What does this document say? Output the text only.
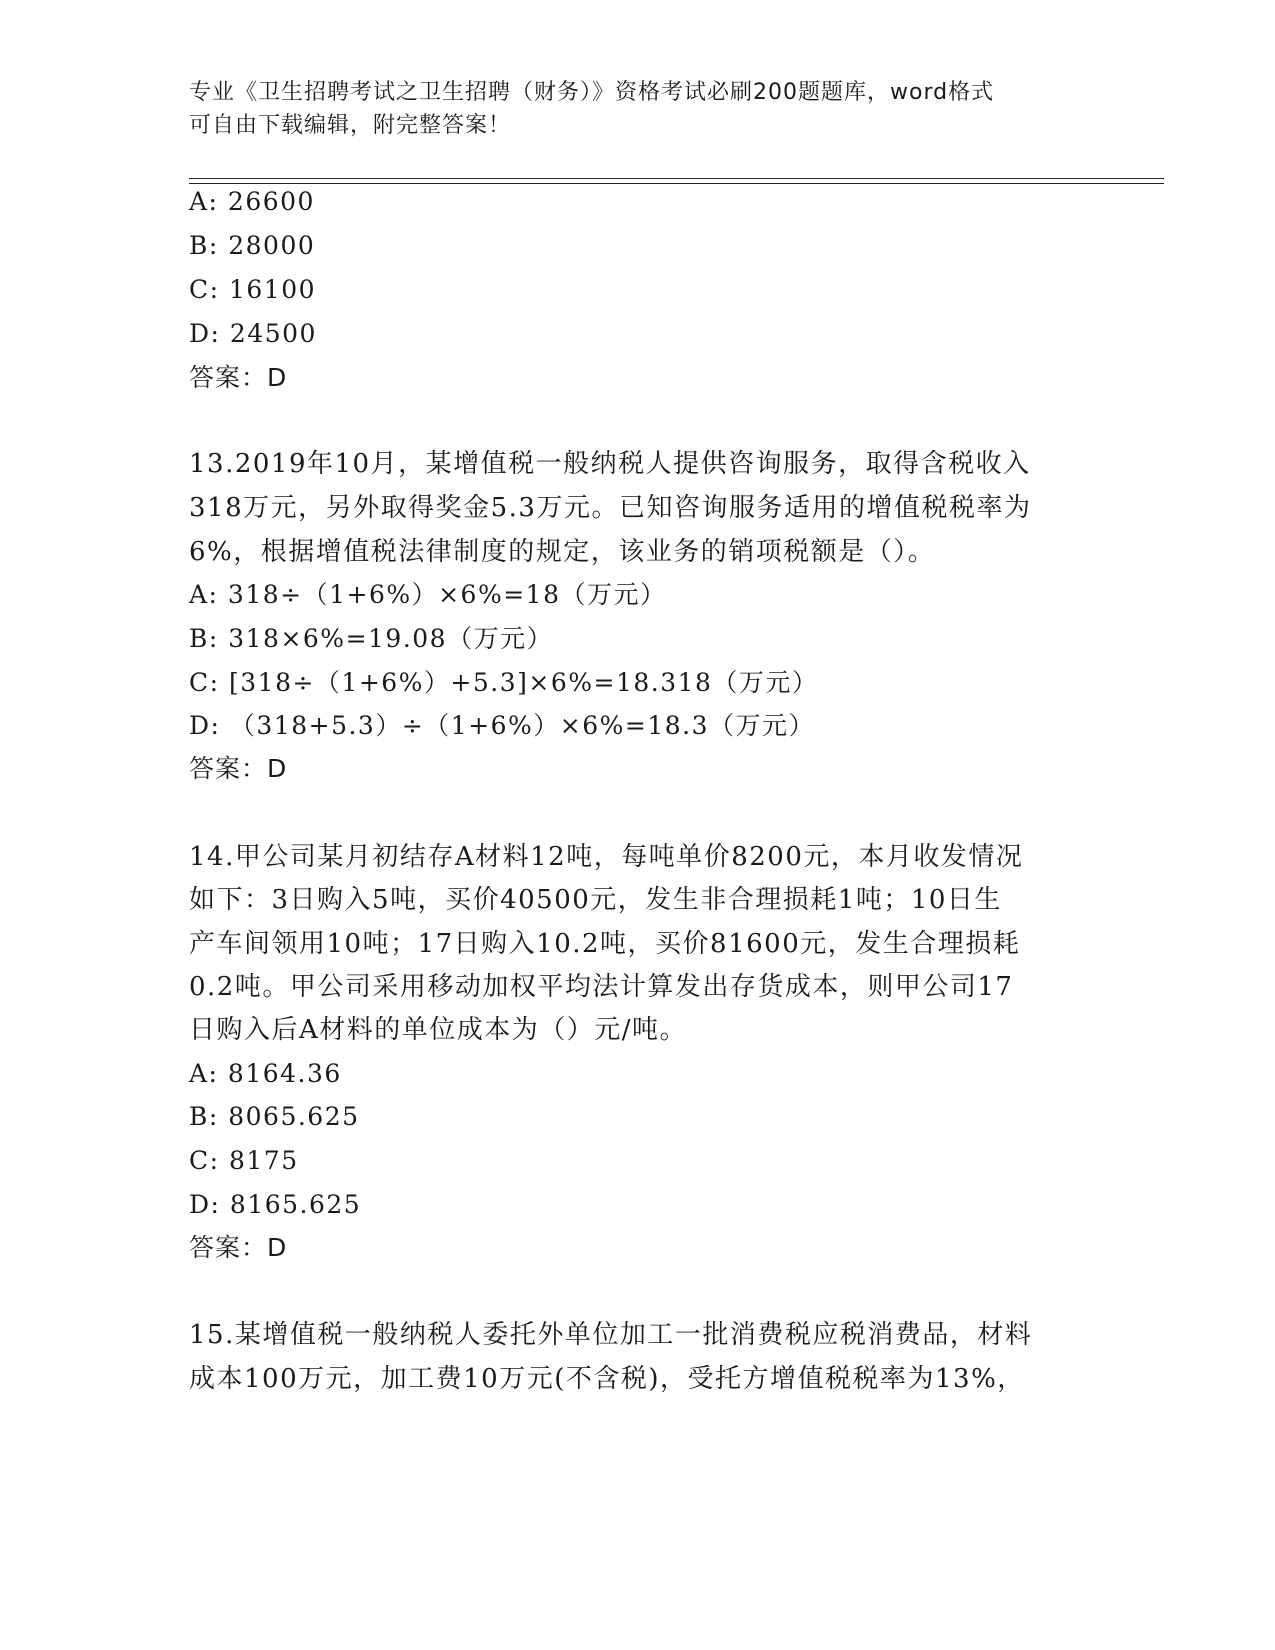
专业《卫生招聘考试之卫生招聘（财务）》资格考试必刷200题题库，word格式
可自由下载编辑，附完整答案！
A: 26600
B: 28000
C: 16100
D: 24500
答案：D
13.2019年10月，某增值税一般纳税人提供咨询服务，取得含税收入
318万元，另外取得奖金5.3万元。已知咨询服务适用的增值税税率为
6%，根据增值税法律制度的规定，该业务的销项税额是（）。
A: 318÷（1+6%）×6%=18（万元）
B: 318×6%=19.08（万元）
C: [318÷（1+6%）+5.3]×6%=18.318（万元）
D: （318+5.3）÷（1+6%）×6%=18.3（万元）
答案：D
14.甲公司某月初结存A材料12吨，每吨单价8200元，本月收发情况
如下：3日购入5吨，买价40500元，发生非合理损耗1吨；10日生
产车间领用10吨；17日购入10.2吨，买价81600元，发生合理损耗
0.2吨。甲公司采用移动加权平均法计算发出存货成本，则甲公司17
日购入后A材料的单位成本为（）元/吨。
A: 8164.36
B: 8065.625
C: 8175
D: 8165.625
答案：D
15.某增值税一般纳税人委托外单位加工一批消费税应税消费品，材料
成本100万元，加工费10万元(不含税)，受托方增值税税率为13%，
